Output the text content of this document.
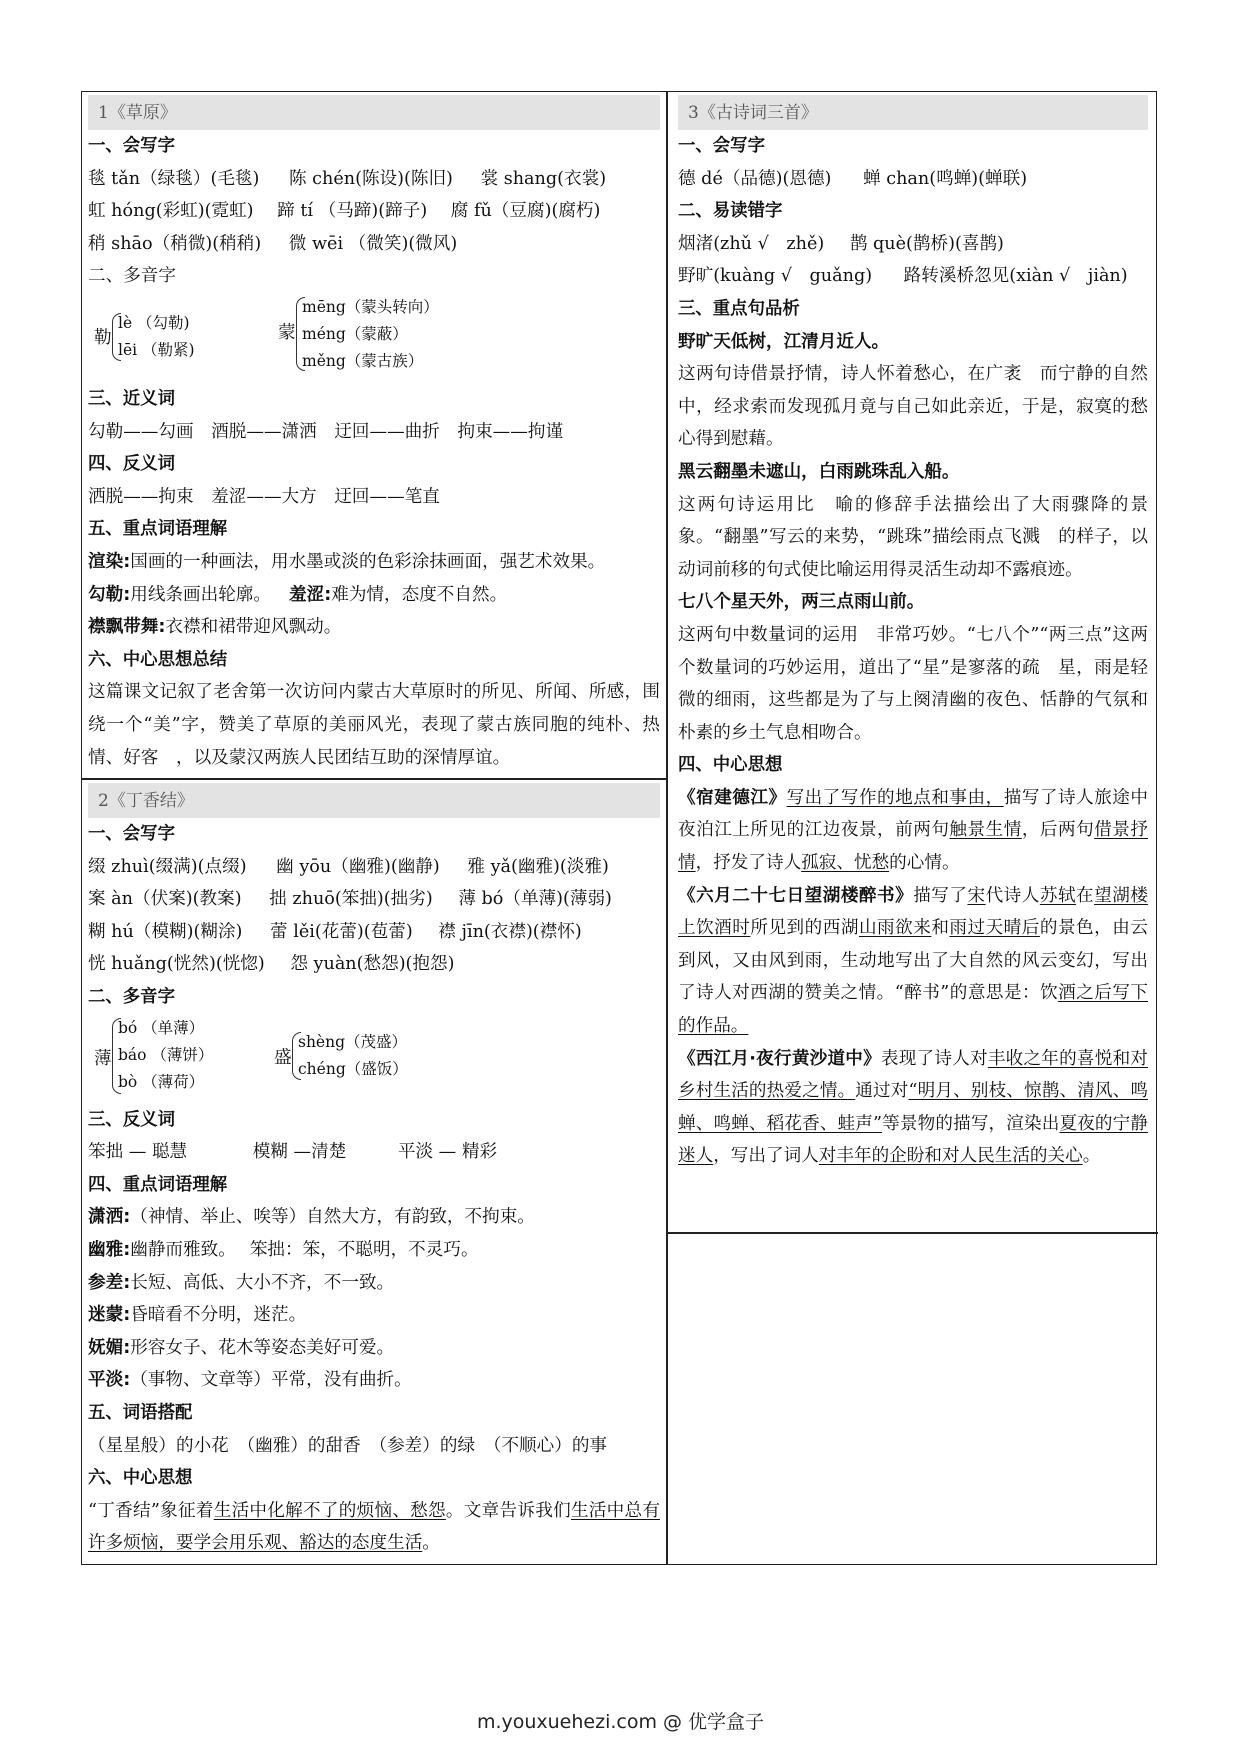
1《草原》
一、会写字
毯 tǎn（绿毯）(毛毯) 陈 chén(陈设)(陈旧) 裳 shang(衣裳)
虹 hóng(彩虹)(霓虹) 蹄 tí （马蹄)(蹄子) 腐 fǔ（豆腐)(腐朽)
稍 shāo（稍微)(稍稍) 微 wēi （微笑)(微风)
二、多音字
勒
lè （勾勒)
lēi （勒紧)
蒙
mēng（蒙头转向）
méng（蒙蔽）
měng（蒙古族）
三、近义词
勾勒——勾画　酒脱——潇洒　迂回——曲折　拘束——拘谨
四、反义词
洒脱——拘束　羞涩——大方　迂回——笔直
五、重点词语理解
渲染:国画的一种画法，用水墨或淡的色彩涂抹画面，强艺术效果。
勾勒:用线条画出轮廓。 羞涩:难为情，态度不自然。
襟飘带舞:衣襟和裙带迎风飘动。
六、中心思想总结
这篇课文记叙了老舍第一次访问内蒙古大草原时的所见、所闻、所感，围绕一个“美”字，赞美了草原的美丽风光，表现了蒙古族同胞的纯朴、热情、好客　，以及蒙汉两族人民团结互助的深情厚谊。
2《丁香结》
一、会写字
缀 zhuì(缀满)(点缀) 幽 yōu（幽雅)(幽静) 雅 yǎ(幽雅)(淡雅)
案 àn（伏案)(教案) 拙 zhuō(笨拙)(拙劣) 薄 bó（单薄)(薄弱)
糊 hú（模糊)(糊涂) 蕾 lěi(花蕾)(苞蕾) 襟 jīn(衣襟)(襟怀)
恍 huǎng(恍然)(恍惚) 怨 yuàn(愁怨)(抱怨)
二、多音字
薄
bó （单薄）
báo （薄饼）
bò （薄荷）
盛
shèng（茂盛）
chéng（盛饭）
三、反义词
笨拙 — 聪慧	模糊 —清楚	平淡 — 精彩
四、重点词语理解
潇洒:（神情、举止、唉等）自然大方，有韵致，不拘束。
幽雅:幽静而雅致。 笨拙：笨，不聪明，不灵巧。
参差:长短、高低、大小不齐，不一致。
迷蒙:昏暗看不分明，迷茫。
妩媚:形容女子、花木等姿态美好可爱。
平淡:（事物、文章等）平常，没有曲折。
五、词语搭配
（星星般）的小花　（幽雅）的甜香　（参差）的绿　（不顺心）的事
六、中心思想
“丁香结”象征着生活中化解不了的烦恼、愁怨。文章告诉我们生活中总有许多烦恼，要学会用乐观、豁达的态度生活。
3《古诗词三首》
一、会写字
德 dé（品德)(恩德) 蝉 chan(鸣蝉)(蝉联)
二、易读错字
烟渚(zhǔ √　zhě) 鹊 què(鹊桥)(喜鹊)
野旷(kuàng √　guǎng) 路转溪桥忽见(xiàn √　jiàn)
三、重点句品析
野旷天低树，江清月近人。
这两句诗借景抒情，诗人怀着愁心，在广袤　而宁静的自然中，经求索而发现孤月竟与自己如此亲近，于是，寂寞的愁心得到慰藉。
黑云翻墨未遮山，白雨跳珠乱入船。
这两句诗运用比　喻的修辞手法描绘出了大雨骤降的景象。“翻墨”写云的来势，“跳珠”描绘雨点飞溅　的样子，以动词前移的句式使比喻运用得灵活生动却不露痕迹。
七八个星天外，两三点雨山前。
这两句中数量词的运用　非常巧妙。“七八个”“两三点”这两个数量词的巧妙运用，道出了“星”是寥落的疏　星，雨是轻微的细雨，这些都是为了与上阕清幽的夜色、恬静的气氛和朴素的乡土气息相吻合。
四、中心思想
《宿建德江》写出了写作的地点和事由，描写了诗人旅途中夜泊江上所见的江边夜景，前两句触景生情，后两句借景抒情，抒发了诗人孤寂、忧愁的心情。
《六月二十七日望湖楼醉书》描写了宋代诗人苏轼在望湖楼上饮酒时所见到的西湖山雨欲来和雨过天晴后的景色，由云到风，又由风到雨，生动地写出了大自然的风云变幻，写出了诗人对西湖的赞美之情。“醉书”的意思是：饮酒之后写下的作品。
《西江月·夜行黄沙道中》表现了诗人对丰收之年的喜悦和对乡村生活的热爱之情。通过对“明月、别枝、惊鹊、清风、鸣蝉、鸣蝉、稻花香、蛙声”等景物的描写，渲染出夏夜的宁静迷人，写出了词人对丰年的企盼和对人民生活的关心。
m.youxuehezi.com @ 优学盒子
